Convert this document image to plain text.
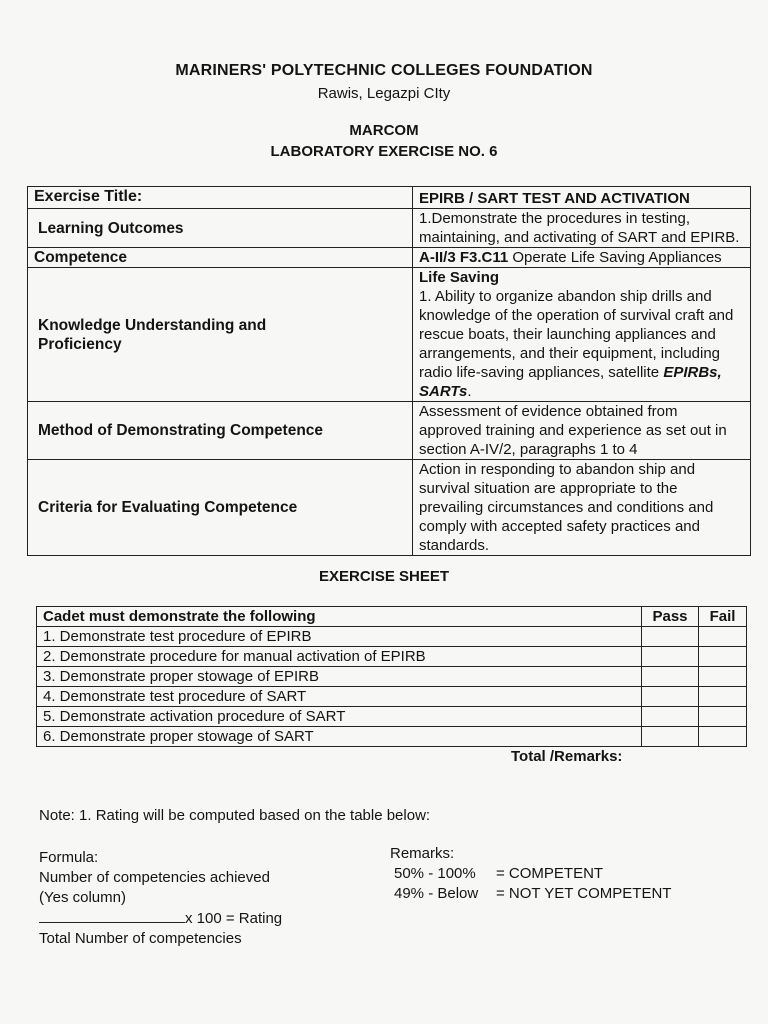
MARINERS' POLYTECHNIC COLLEGES FOUNDATION
Rawis, Legazpi CIty
MARCOM
LABORATORY EXERCISE NO. 6
Exercise Title:	EPIRB / SART TEST AND ACTIVATION
Learning Outcomes	1.Demonstrate the procedures in testing, maintaining, and activating of SART and EPIRB.
Competence	A-II/3 F3.C11 Operate Life Saving Appliances
Knowledge Understanding and Proficiency	Life Saving
1. Ability to organize abandon ship drills and knowledge of the operation of survival craft and rescue boats, their launching appliances and arrangements, and their equipment, including radio life-saving appliances, satellite EPIRBs, SARTs.
Method of Demonstrating Competence	Assessment of evidence obtained from approved training and experience as set out in section A-IV/2, paragraphs 1 to 4
Criteria for Evaluating Competence	Action in responding to abandon ship and survival situation are appropriate to the prevailing circumstances and conditions and comply with accepted safety practices and standards.
EXERCISE SHEET
Cadet must demonstrate the following	Pass	Fail
1. Demonstrate test procedure of EPIRB		
2. Demonstrate procedure for manual activation of EPIRB		
3. Demonstrate proper stowage of EPIRB		
4. Demonstrate test procedure of SART		
5. Demonstrate activation procedure of SART		
6. Demonstrate proper stowage of SART		
Total /Remarks:
Note: 1. Rating will be computed based on the table below:
Formula:
Number of competencies achieved
(Yes column)
x 100 = Rating
Total Number of competencies
Remarks:
50% - 100% = COMPETENT
49% - Below = NOT YET COMPETENT
